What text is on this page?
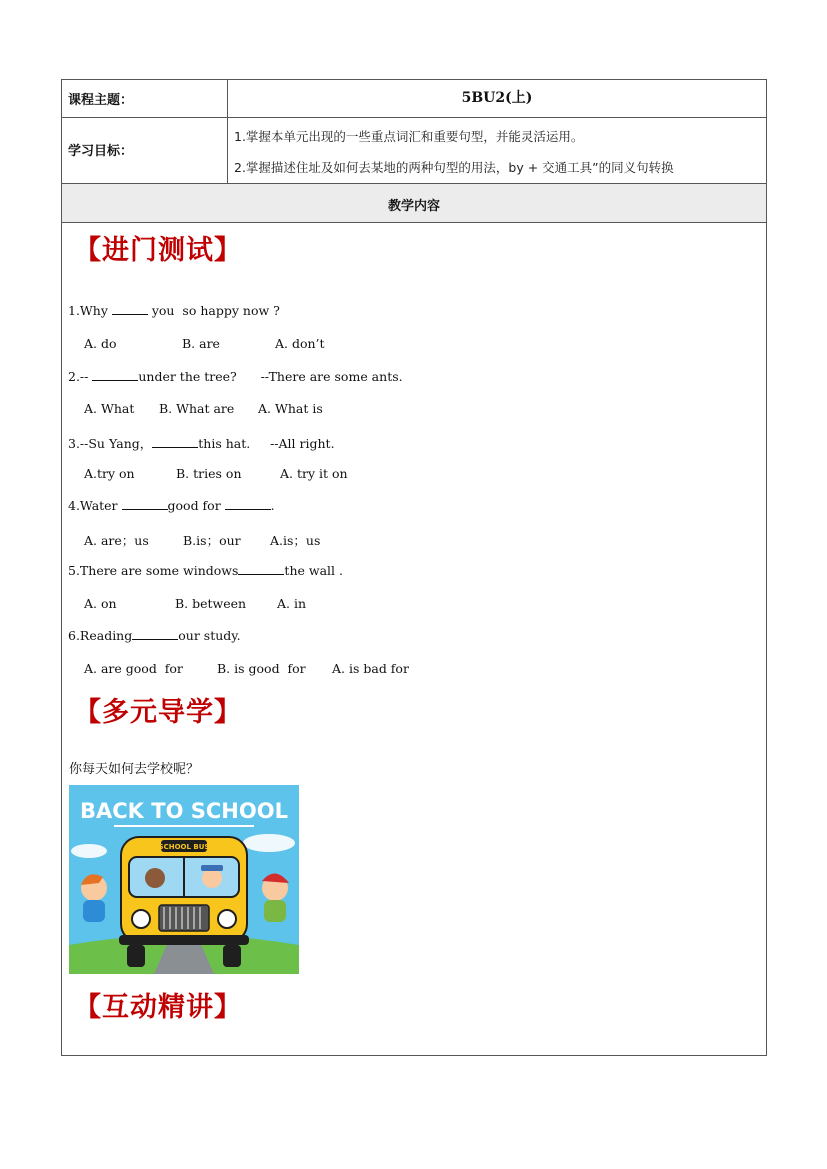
课程主题：	5BU2(上)
学习目标：
1.掌握本单元出现的一些重点词汇和重要句型，并能灵活运用。
2.掌握描述住址及如何去某地的两种句型的用法，by + 交通工具”的同义句转换
教学内容
【进门测试】
1.Why	you  so happy now ?
A. do	B. are	A. don’t
2.--	under the tree?      --There are some ants.
A. What B. What are A. What is
3.--Su Yang，	this hat.     --All right.
A.try on	B. tries on	A. try it on
4.Water	good for	.
A. are；us	B.is；our A.is；us
5.There are some windows	the wall .
A. on	B. between A. in
6.Reading	our study.
A. are good  for	B. is good  for A. is bad for
【多元导学】
你每天如何去学校呢？
BACK TO SCHOOL
SCHOOL BUS
【互动精讲】
